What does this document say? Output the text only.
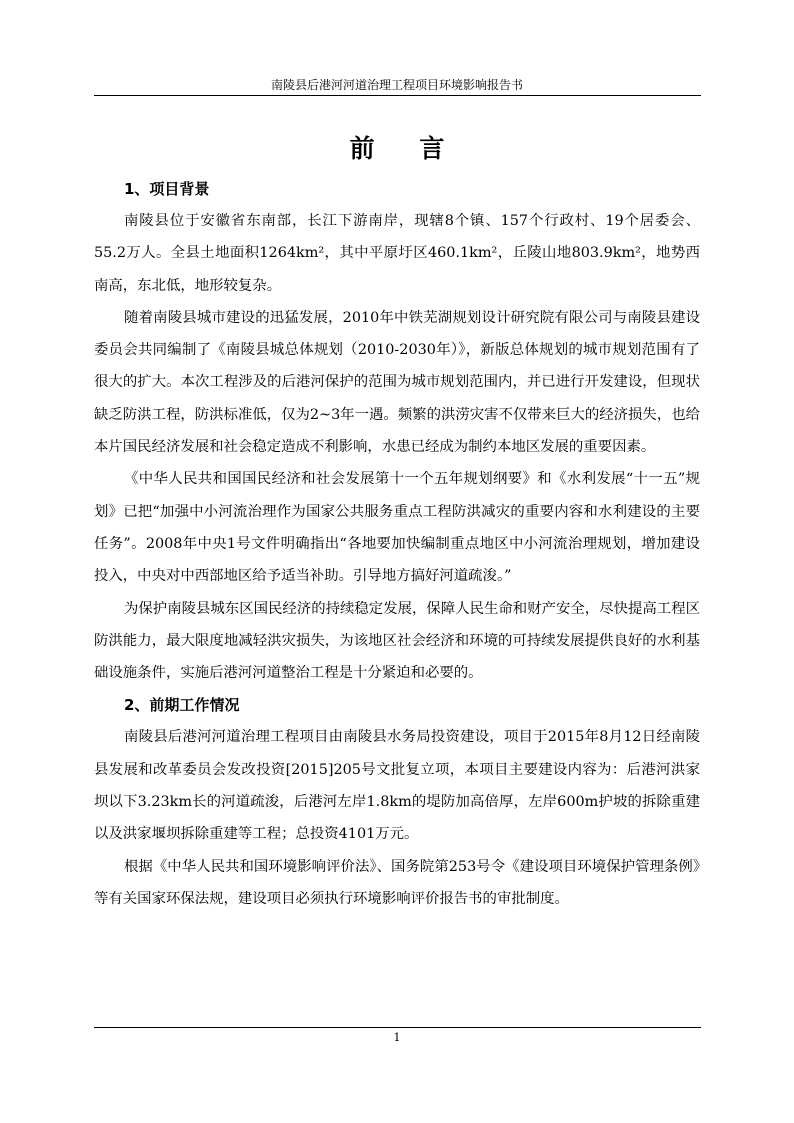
南陵县后港河河道治理工程项目环境影响报告书
前 言

1、项目背景

南陵县位于安徽省东南部，长江下游南岸，现辖8个镇、157个行政村、19个居委会、55.2万人。全县土地面积1264km²，其中平原圩区460.1km²，丘陵山地803.9km²，地势西南高，东北低，地形较复杂。

随着南陵县城市建设的迅猛发展，2010年中铁芜湖规划设计研究院有限公司与南陵县建设委员会共同编制了《南陵县城总体规划（2010-2030年）》，新版总体规划的城市规划范围有了很大的扩大。本次工程涉及的后港河保护的范围为城市规划范围内，并已进行开发建设，但现状缺乏防洪工程，防洪标准低，仅为2~3年一遇。频繁的洪涝灾害不仅带来巨大的经济损失，也给本片国民经济发展和社会稳定造成不利影响，水患已经成为制约本地区发展的重要因素。

《中华人民共和国国民经济和社会发展第十一个五年规划纲要》和《水利发展“十一五”规划》已把“加强中小河流治理作为国家公共服务重点工程防洪减灾的重要内容和水利建设的主要任务”。2008年中央1号文件明确指出“各地要加快编制重点地区中小河流治理规划，增加建设投入，中央对中西部地区给予适当补助。引导地方搞好河道疏浚。”

为保护南陵县城东区国民经济的持续稳定发展，保障人民生命和财产安全，尽快提高工程区防洪能力，最大限度地减轻洪灾损失，为该地区社会经济和环境的可持续发展提供良好的水利基础设施条件，实施后港河河道整治工程是十分紧迫和必要的。

2、前期工作情况

南陵县后港河河道治理工程项目由南陵县水务局投资建设，项目于2015年8月12日经南陵县发展和改革委员会发改投资[2015]205号文批复立项，本项目主要建设内容为：后港河洪家坝以下3.23km长的河道疏浚，后港河左岸1.8km的堤防加高倍厚，左岸600m护坡的拆除重建以及洪家堰坝拆除重建等工程；总投资4101万元。

根据《中华人民共和国环境影响评价法》、国务院第253号令《建设项目环境保护管理条例》等有关国家环保法规，建设项目必须执行环境影响评价报告书的审批制度。

1
